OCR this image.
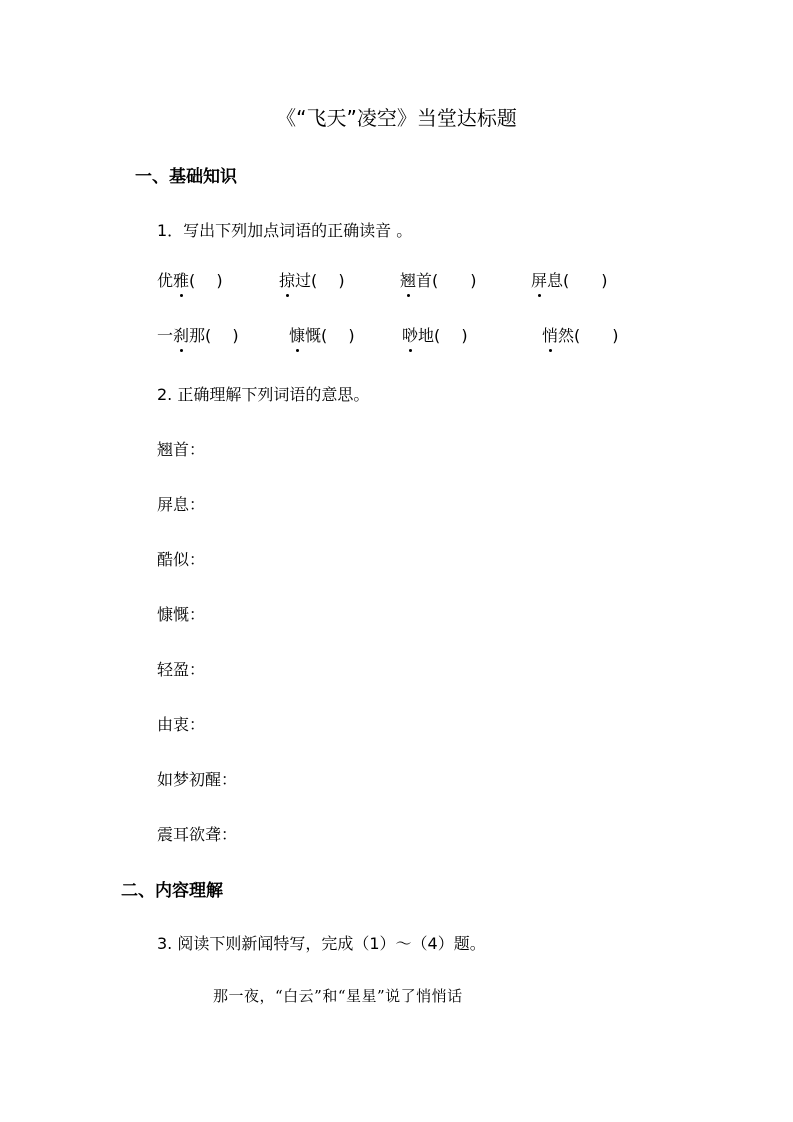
《“飞天”凌空》当堂达标题
一、基础知识
1．写出下列加点词语的正确读音 。
优雅(　 )	掠过(　 )	翘首(　　)	屏息(　　)
一刹那(　 )	慷慨(　 )	唦地(　 )	悄然(　　)
2. 正确理解下列词语的意思。
翘首：
屏息：
酷似：
慷慨：
轻盈：
由衷：
如梦初醒：
震耳欲聋：
二、内容理解
3. 阅读下则新闻特写，完成（1）～（4）题。
那一夜，“白云”和“星星”说了悄悄话
